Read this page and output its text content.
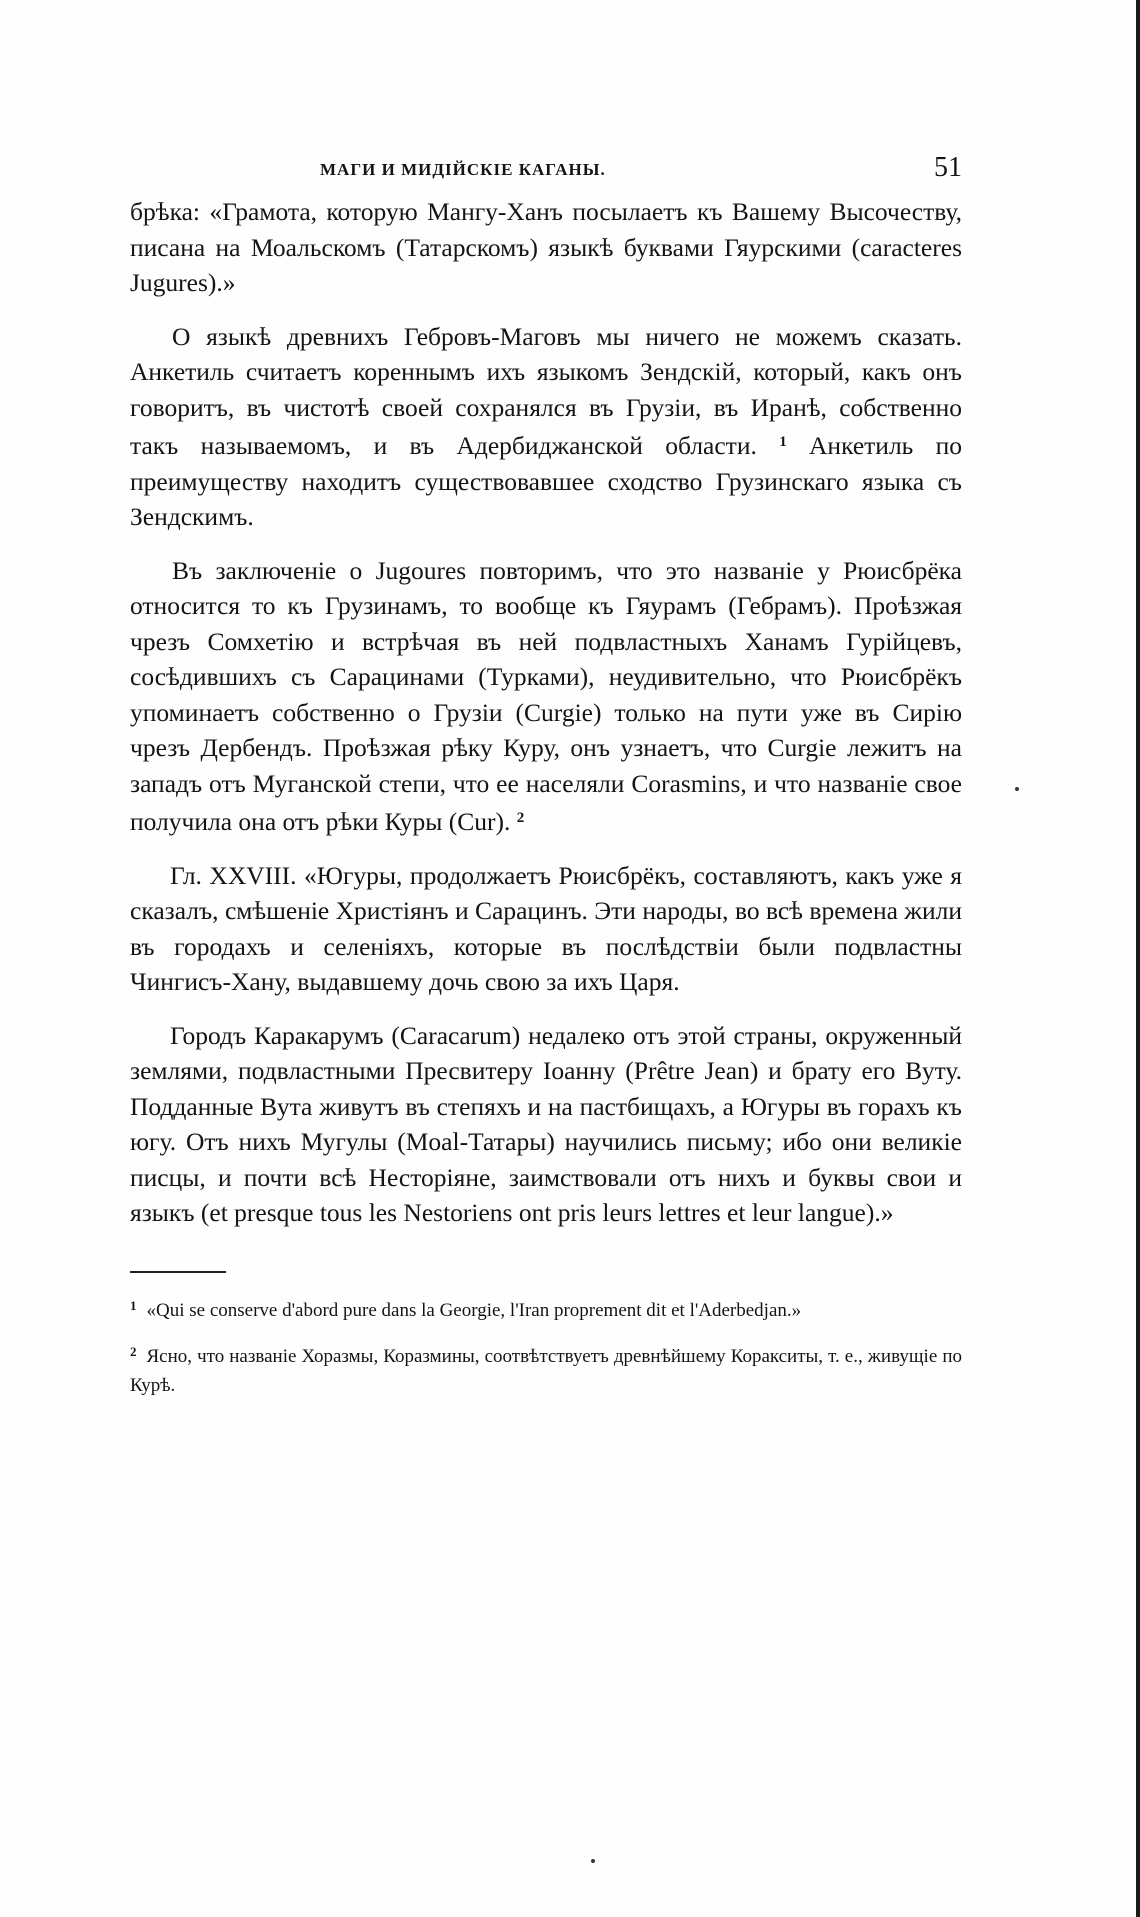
МАГИ И МИДІЙСКІЕ КАГАНЫ.	51

брѣка: «Грамота, которую Мангу-Ханъ посылаетъ къ Вашему Высочеству, писана на Моальскомъ (Татарскомъ) языкѣ буквами Гяурскими (caracteres Jugures).»

О языкѣ древнихъ Гебровъ-Маговъ мы ничего не можемъ сказать. Анкетиль считаетъ кореннымъ ихъ языкомъ Зендскій, который, какъ онъ говоритъ, въ чистотѣ своей сохранялся въ Грузіи, въ Иранѣ, собственно такъ называемомъ, и въ Адербиджанской области. $^1$ Анкетиль по преимуществу находитъ существовавшее сходство Грузинскаго языка съ Зендскимъ.

Въ заключеніе о Jugoures повторимъ, что это названіе у Рюисбрёка относится то къ Грузинамъ, то вообще къ Гяурамъ (Гебрамъ). Проѣзжая чрезъ Сомхетію и встрѣчая въ ней подвластныхъ Ханамъ Гурійцевъ, сосѣдившихъ съ Сарацинами (Турками), неудивительно, что Рюисбрёкъ упоминаетъ собственно о Грузіи (Curgie) только на пути уже въ Сирію чрезъ Дербендъ. Проѣзжая рѣку Куру, онъ узнаетъ, что Curgie лежитъ на западъ отъ Муганской степи, что ее населяли Corasmins, и что названіе свое получила она отъ рѣки Куры (Cur). $^2$

Гл. XXVIII. «Югуры, продолжаетъ Рюисбрёкъ, составляютъ, какъ уже я сказалъ, смѣшеніе Христіянъ и Сарацинъ. Эти народы, во всѣ времена жили въ городахъ и селеніяхъ, которые въ послѣдствіи были подвластны Чингисъ-Хану, выдавшему дочь свою за ихъ Царя.

Городъ Каракарумъ (Caracarum) недалеко отъ этой страны, окруженный землями, подвластными Пресвитеру Іоанну (Prêtre Jean) и брату его Вуту. Подданные Вута живутъ въ степяхъ и на пастбищахъ, а Югуры въ горахъ къ югу. Отъ нихъ Мугулы (Moal-Татары) научились письму; ибо они великіе писцы, и почти всѣ Несторіяне, заимствовали отъ нихъ и буквы свои и языкъ (et presque tous les Nestoriens ont pris leurs lettres et leur langue).»

$^1$ «Qui se conserve d'abord pure dans la Georgie, l'Iran proprement dit et l'Aderbedjan.»

$^2$ Ясно, что названіе Хоразмы, Коразмины, соотвѣтствуетъ древнѣйшему Коракситы, т. е., живущіе по Курѣ.
